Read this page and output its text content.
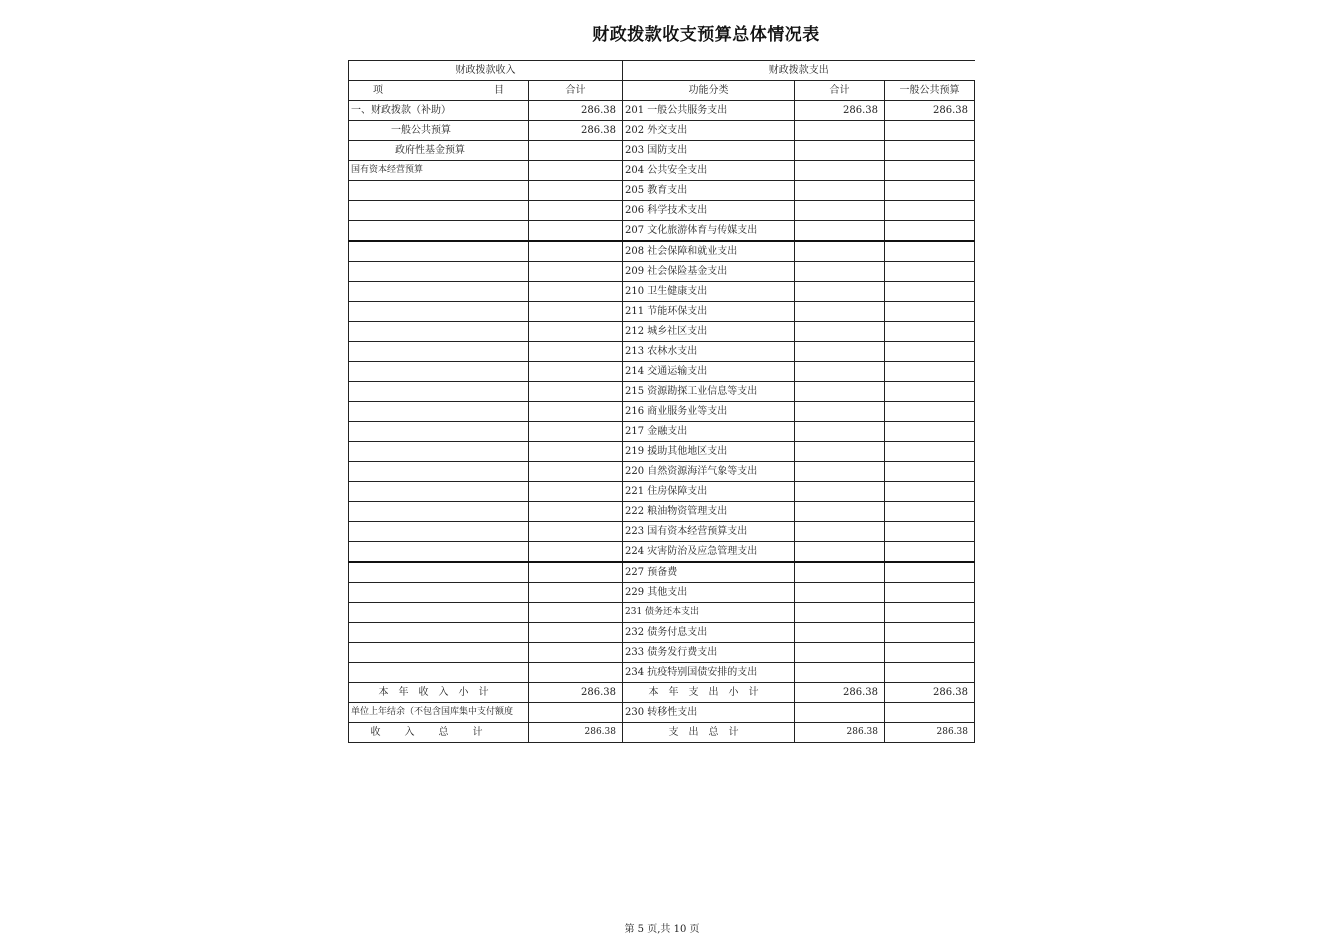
财政拨款收支预算总体情况表
财政拨款收入		财政拨款支出		
项 目	合计	功能分类	合计	一般公共预算
一、财政拨款（补助）	286.38	201 一般公共服务支出	286.38	286.38
一般公共预算	286.38	202 外交支出		
政府性基金预算		203 国防支出		
国有资本经营预算		204 公共安全支出		
		205 教育支出		
		206 科学技术支出		
		207 文化旅游体育与传媒支出		
		208 社会保障和就业支出		
		209 社会保险基金支出		
		210 卫生健康支出		
		211 节能环保支出		
		212 城乡社区支出		
		213 农林水支出		
		214 交通运输支出		
		215 资源勘探工业信息等支出		
		216 商业服务业等支出		
		217 金融支出		
		219 援助其他地区支出		
		220 自然资源海洋气象等支出		
		221 住房保障支出		
		222 粮油物资管理支出		
		223 国有资本经营预算支出		
		224 灾害防治及应急管理支出		
		227 预备费		
		229 其他支出		
		231 债务还本支出		
		232 债务付息支出		
		233 债务发行费支出		
		234 抗疫特别国债安排的支出		
本年收入小计	286.38	本年支出小计	286.38	286.38
单位上年结余（不包含国库集中支付额度		230 转移性支出		
收入总计	286.38	支出总计	286.38	286.38
第 5 页,共 10 页
